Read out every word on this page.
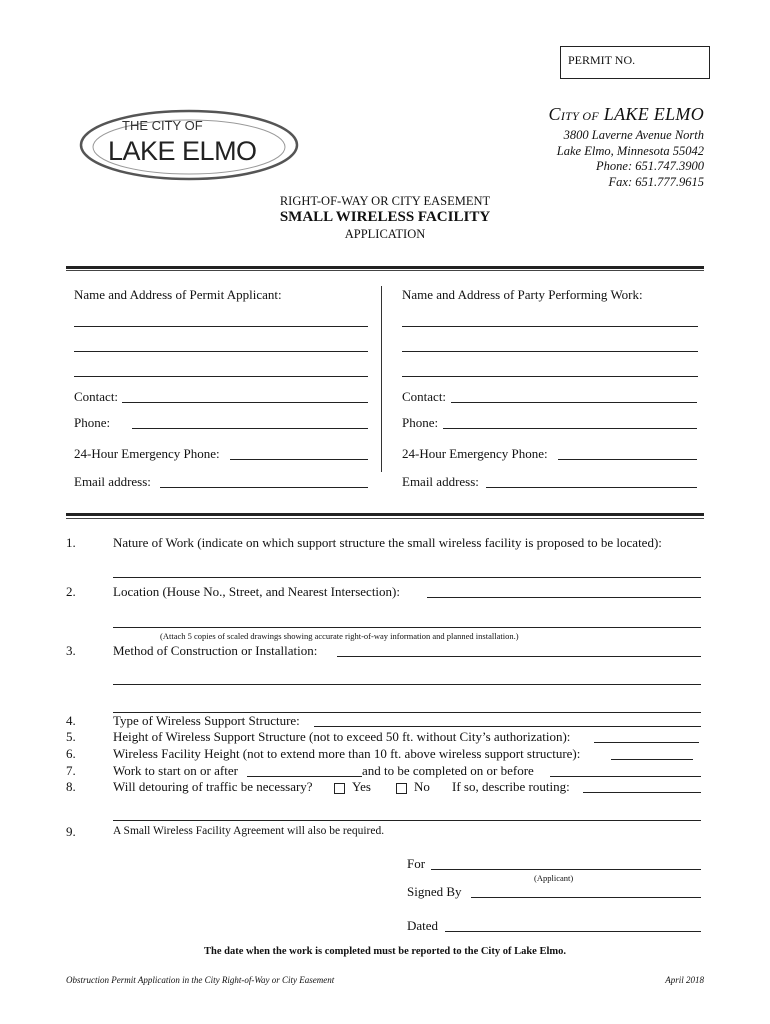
PERMIT NO.
THE CITY OF
LAKE ELMO
CITY OF LAKE ELMO
3800 Laverne Avenue North
Lake Elmo, Minnesota 55042
Phone: 651.747.3900
Fax: 651.777.9615
RIGHT-OF-WAY OR CITY EASEMENT
SMALL WIRELESS FACILITY
APPLICATION
Name and Address of Permit Applicant:
Contact:
Phone:
24-Hour Emergency Phone:
Email address:
Name and Address of Party Performing Work:
Contact:
Phone:
24-Hour Emergency Phone:
Email address:
1.	Nature of Work (indicate on which support structure the small wireless facility is proposed to be located):
2.	Location (House No., Street, and Nearest Intersection):
(Attach 5 copies of scaled drawings showing accurate right-of-way information and planned installation.)
3.	Method of Construction or Installation:
4.	Type of Wireless Support Structure:
5.	Height of Wireless Support Structure (not to exceed 50 ft. without City’s authorization):
6.	Wireless Facility Height (not to extend more than 10 ft. above wireless support structure):
7.	Work to start on or after	and to be completed on or before
8.	Will detouring of traffic be necessary?	Yes	No If so, describe routing:
9.	A Small Wireless Facility Agreement will also be required.
For
(Applicant)
Signed By
Dated
The date when the work is completed must be reported to the City of Lake Elmo.
Obstruction Permit Application in the City Right-of-Way or City Easement	April 2018
